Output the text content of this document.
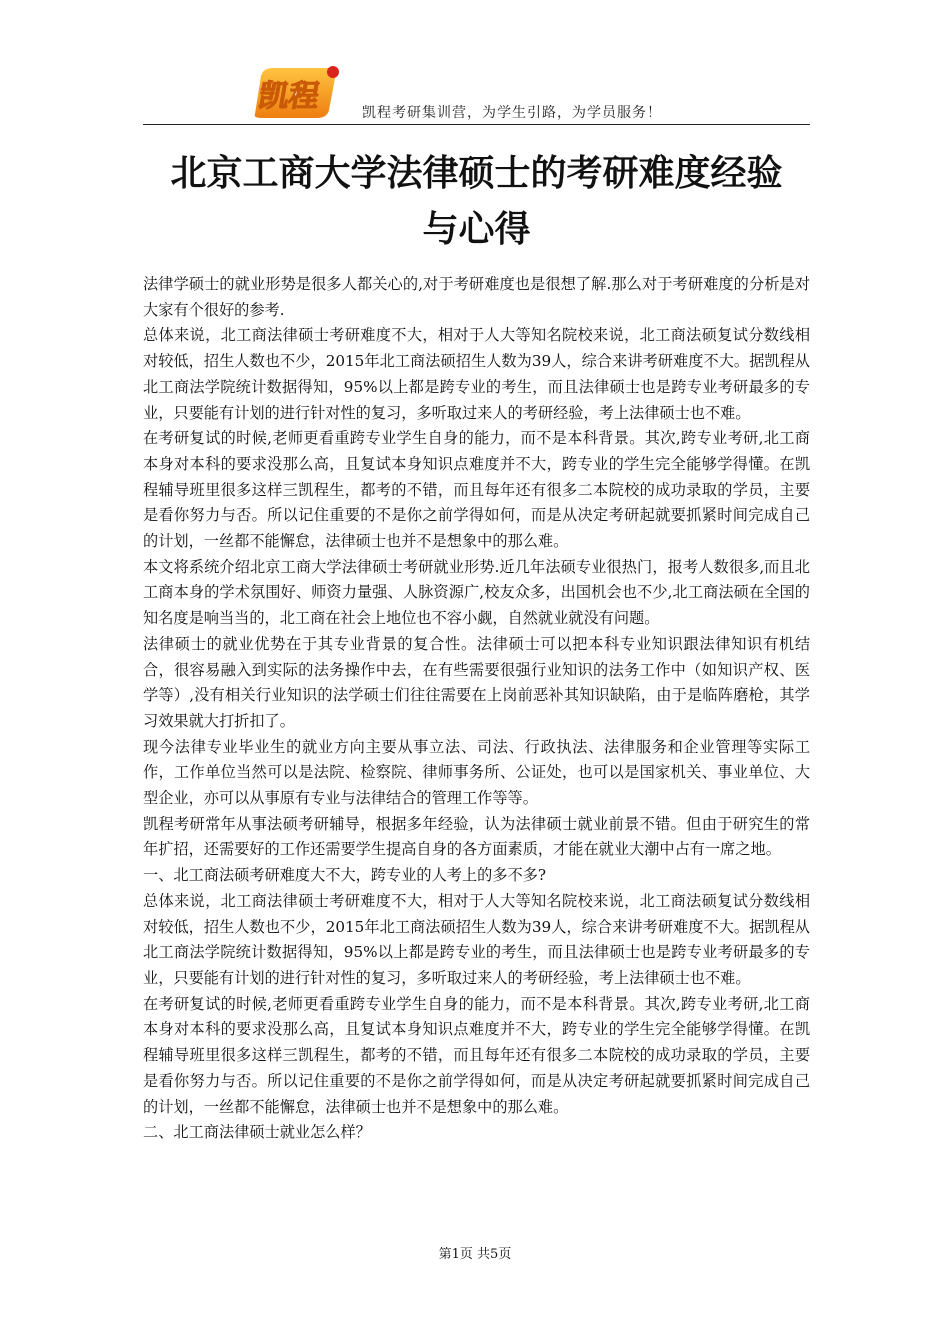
凯程	凯程考研集训营，为学生引路，为学员服务！
北京工商大学法律硕士的考研难度经验
与心得

法律学硕士的就业形势是很多人都关心的,对于考研难度也是很想了解.那么对于考研难度的分析是对大家有个很好的参考.

总体来说，北工商法律硕士考研难度不大，相对于人大等知名院校来说，北工商法硕复试分数线相对较低，招生人数也不少，2015年北工商法硕招生人数为39人，综合来讲考研难度不大。据凯程从北工商法学院统计数据得知，95%以上都是跨专业的考生，而且法律硕士也是跨专业考研最多的专业，只要能有计划的进行针对性的复习，多听取过来人的考研经验，考上法律硕士也不难。

在考研复试的时候,老师更看重跨专业学生自身的能力，而不是本科背景。其次,跨专业考研,北工商本身对本科的要求没那么高，且复试本身知识点难度并不大，跨专业的学生完全能够学得懂。在凯程辅导班里很多这样三凯程生，都考的不错，而且每年还有很多二本院校的成功录取的学员，主要是看你努力与否。所以记住重要的不是你之前学得如何，而是从决定考研起就要抓紧时间完成自己的计划，一丝都不能懈怠，法律硕士也并不是想象中的那么难。

本文将系统介绍北京工商大学法律硕士考研就业形势.近几年法硕专业很热门，报考人数很多,而且北工商本身的学术氛围好、师资力量强、人脉资源广,校友众多，出国机会也不少,北工商法硕在全国的知名度是响当当的，北工商在社会上地位也不容小觑，自然就业就没有问题。

法律硕士的就业优势在于其专业背景的复合性。法律硕士可以把本科专业知识跟法律知识有机结合，很容易融入到实际的法务操作中去，在有些需要很强行业知识的法务工作中（如知识产权、医学等）,没有相关行业知识的法学硕士们往往需要在上岗前恶补其知识缺陷，由于是临阵磨枪，其学习效果就大打折扣了。

现今法律专业毕业生的就业方向主要从事立法、司法、行政执法、法律服务和企业管理等实际工作，工作单位当然可以是法院、检察院、律师事务所、公证处，也可以是国家机关、事业单位、大型企业，亦可以从事原有专业与法律结合的管理工作等等。

凯程考研常年从事法硕考研辅导，根据多年经验，认为法律硕士就业前景不错。但由于研究生的常年扩招，还需要好的工作还需要学生提高自身的各方面素质，才能在就业大潮中占有一席之地。

一、北工商法硕考研难度大不大，跨专业的人考上的多不多?

总体来说，北工商法律硕士考研难度不大，相对于人大等知名院校来说，北工商法硕复试分数线相对较低，招生人数也不少，2015年北工商法硕招生人数为39人，综合来讲考研难度不大。据凯程从北工商法学院统计数据得知，95%以上都是跨专业的考生，而且法律硕士也是跨专业考研最多的专业，只要能有计划的进行针对性的复习，多听取过来人的考研经验，考上法律硕士也不难。

在考研复试的时候,老师更看重跨专业学生自身的能力，而不是本科背景。其次,跨专业考研,北工商本身对本科的要求没那么高，且复试本身知识点难度并不大，跨专业的学生完全能够学得懂。在凯程辅导班里很多这样三凯程生，都考的不错，而且每年还有很多二本院校的成功录取的学员，主要是看你努力与否。所以记住重要的不是你之前学得如何，而是从决定考研起就要抓紧时间完成自己的计划，一丝都不能懈怠，法律硕士也并不是想象中的那么难。

二、北工商法律硕士就业怎么样？

第1页 共5页
